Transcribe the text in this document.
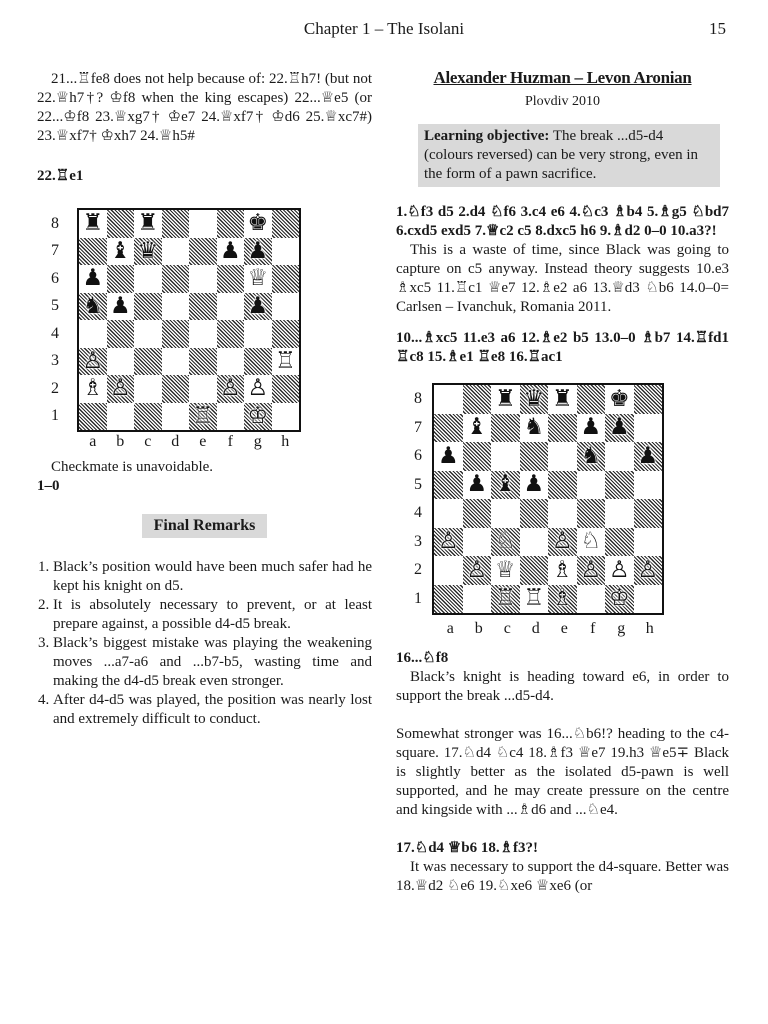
Chapter 1 – The Isolani	15

21...♖fe8 does not help because of: 22.♖h7! (but not 22.♕h7†? ♔f8 when the king escapes) 22...♕e5 (or 22...♔f8 23.♕xg7† ♔e7 24.♕xf7† ♔d6 25.♕xc7#) 23.♕xf7† ♔xh7 24.♕h5#

22.♖e1

8
7
6
5
4
3
2
1
♜ ♜	♚
♝ ♛	♟ ♟
♟	♕
♞ ♟	♟
♙	♖
♗ ♙	♙ ♙
♖ ♔
a	b	c	d	e	f	g	h

Checkmate is unavoidable.

1–0

Final Remarks
1. Black’s position would have been much safer had he kept his knight on d5.
2. It is absolutely necessary to prevent, or at least prepare against, a possible d4-d5 break.
3. Black’s biggest mistake was playing the weakening moves ...a7-a6 and ...b7-b5, wasting time and making the d4-d5 break even stronger.
4. After d4-d5 was played, the position was nearly lost and extremely difficult to conduct.
Alexander Huzman – Levon Aronian
Plovdiv 2010
Learning objective: The break ...d5-d4 (colours reversed) can be very strong, even in the form of a pawn sacrifice.

1.♘f3 d5 2.d4 ♘f6 3.c4 e6 4.♘c3 ♗b4 5.♗g5 ♘bd7 6.cxd5 exd5 7.♕c2 c5 8.dxc5 h6 9.♗d2 0–0 10.a3?!

This is a waste of time, since Black was going to capture on c5 anyway. Instead theory suggests 10.e3 ♗xc5 11.♖c1 ♕e7 12.♗e2 a6 13.♕d3 ♘b6 14.0–0= Carlsen – Ivanchuk, Romania 2011.

10...♗xc5 11.e3 a6 12.♗e2 b5 13.0–0 ♗b7 14.♖fd1 ♖c8 15.♗e1 ♖e8 16.♖ac1

8
7
6
5
4
3
2
1
♜ ♛ ♜ ♚
♝ ♞ ♟ ♟
♟	♞ ♟
♟ ♝ ♟
♙ ♘ ♙ ♘
♙ ♕ ♗ ♙ ♙ ♙
♖ ♖ ♗ ♔
a	b	c	d	e	f	g	h

16...♘f8

Black’s knight is heading toward e6, in order to support the break ...d5-d4.

Somewhat stronger was 16...♘b6!? heading to the c4-square. 17.♘d4 ♘c4 18.♗f3 ♕e7 19.h3 ♕e5∓ Black is slightly better as the isolated d5-pawn is well supported, and he may create pressure on the centre and kingside with ...♗d6 and ...♘e4.

17.♘d4 ♕b6 18.♗f3?!

It was necessary to support the d4-square. Better was 18.♕d2 ♘e6 19.♘xe6 ♕xe6 (or
